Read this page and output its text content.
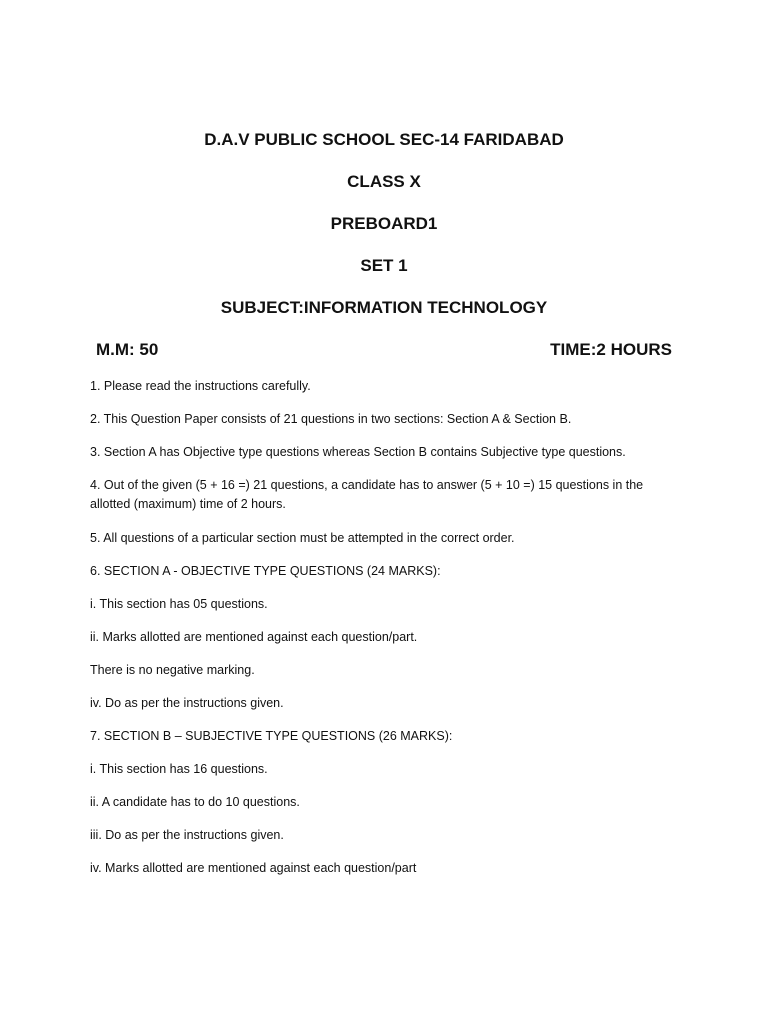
D.A.V PUBLIC SCHOOL SEC-14 FARIDABAD
CLASS X
PREBOARD1
SET 1
SUBJECT:INFORMATION TECHNOLOGY
M.M: 50	TIME:2 HOURS
1. Please read the instructions carefully.
2. This Question Paper consists of 21 questions in two sections: Section A & Section B.
3. Section A has Objective type questions whereas Section B contains Subjective type questions.
4. Out of the given (5 + 16 =) 21 questions, a candidate has to answer (5 + 10 =) 15 questions in the allotted (maximum) time of 2 hours.
5. All questions of a particular section must be attempted in the correct order.
6. SECTION A - OBJECTIVE TYPE QUESTIONS (24 MARKS):
i. This section has 05 questions.
ii. Marks allotted are mentioned against each question/part.
There is no negative marking.
iv. Do as per the instructions given.
7. SECTION B – SUBJECTIVE TYPE QUESTIONS (26 MARKS):
i. This section has 16 questions.
ii. A candidate has to do 10 questions.
iii. Do as per the instructions given.
iv. Marks allotted are mentioned against each question/part
